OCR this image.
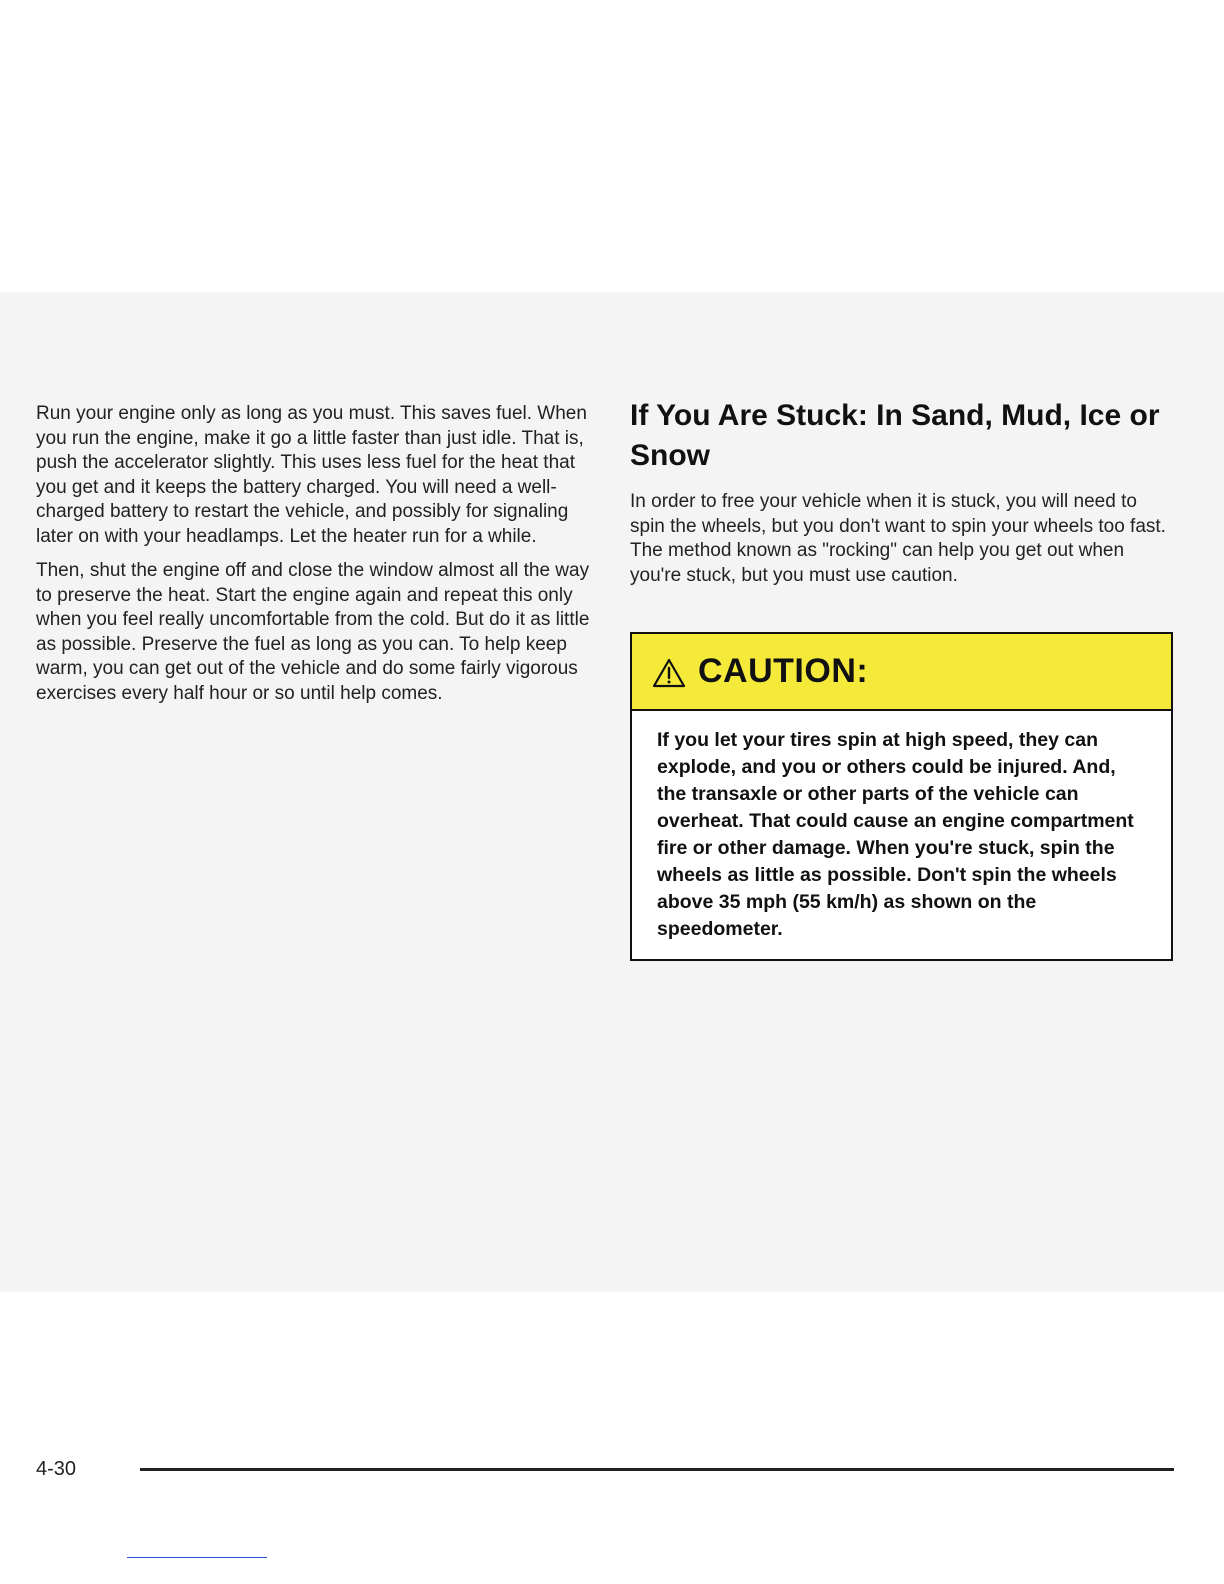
Run your engine only as long as you must. This saves fuel. When you run the engine, make it go a little faster than just idle. That is, push the accelerator slightly. This uses less fuel for the heat that you get and it keeps the battery charged. You will need a well-charged battery to restart the vehicle, and possibly for signaling later on with your headlamps. Let the heater run for a while.

Then, shut the engine off and close the window almost all the way to preserve the heat. Start the engine again and repeat this only when you feel really uncomfortable from the cold. But do it as little as possible. Preserve the fuel as long as you can. To help keep warm, you can get out of the vehicle and do some fairly vigorous exercises every half hour or so until help comes.

If You Are Stuck: In Sand, Mud, Ice or Snow

In order to free your vehicle when it is stuck, you will need to spin the wheels, but you don't want to spin your wheels too fast. The method known as "rocking" can help you get out when you're stuck, but you must use caution.

CAUTION:
If you let your tires spin at high speed, they can explode, and you or others could be injured. And, the transaxle or other parts of the vehicle can overheat. That could cause an engine compartment fire or other damage. When you're stuck, spin the wheels as little as possible. Don't spin the wheels above 35 mph (55 km/h) as shown on the speedometer.
4-30
